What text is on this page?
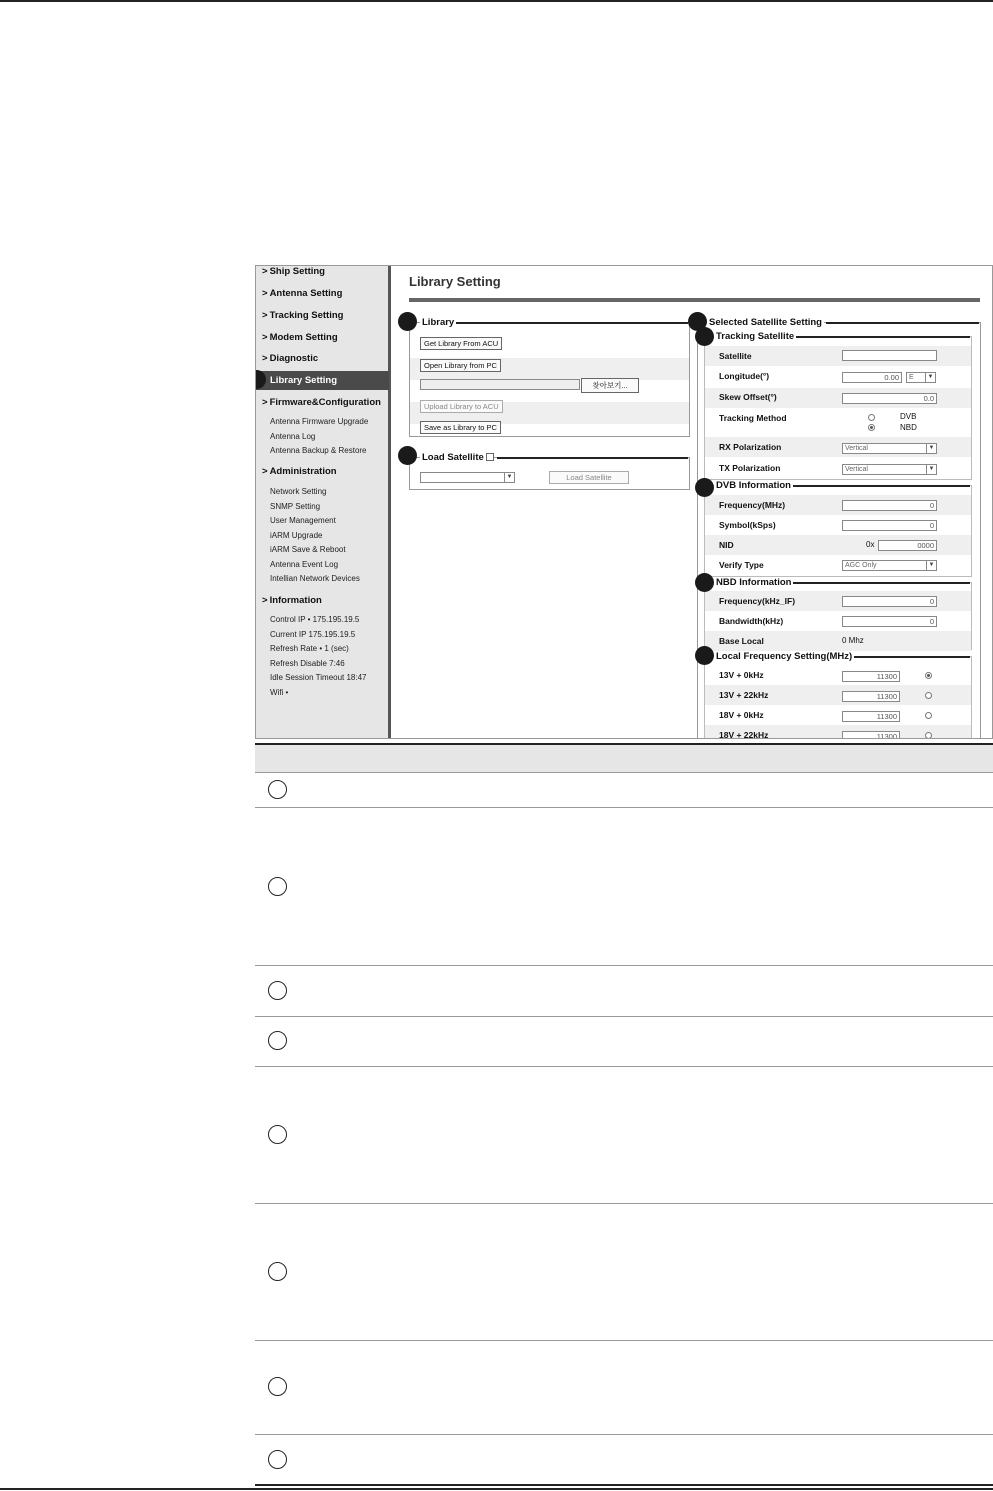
> Ship Setting
> Antenna Setting
> Tracking Setting
> Modem Setting
> Diagnostic
Library Setting
> Firmware&Configuration
Antenna Firmware Upgrade
Antenna Log
Antenna Backup & Restore
> Administration
Network Setting
SNMP Setting
User Management
iARM Upgrade
iARM Save & Reboot
Antenna Event Log
Intellian Network Devices
> Information
Control IP • 175.195.19.5
Current IP 175.195.19.5
Refresh Rate • 1 (sec)
Refresh Disable 7:46
Idle Session Timeout 18:47
Wifi •
Library Setting
Get Library From ACU
Open Library from PC
찾아보기...
Upload Library to ACU
Save as Library to PC
Library
▼	Load Satellite
Load Satellite
Selected Satellite Setting
Satellite
Longitude(°)	0.00	E	▼
Skew Offset(°)	0.0
Tracking Method	DVB
NBD
RX Polarization	Vertical	▼
TX Polarization	Vertical	▼
Tracking Satellite
Frequency(MHz)	0
Symbol(kSps)	0
NID	0x	0000
Verify Type	AGC Only	▼
DVB Information
Frequency(kHz_IF)	0
Bandwidth(kHz)	0
Base Local	0 Mhz
NBD Information
13V + 0kHz	11300
13V + 22kHz	11300
18V + 0kHz	11300
18V + 22kHz	11300
Local Frequency Setting(MHz)
